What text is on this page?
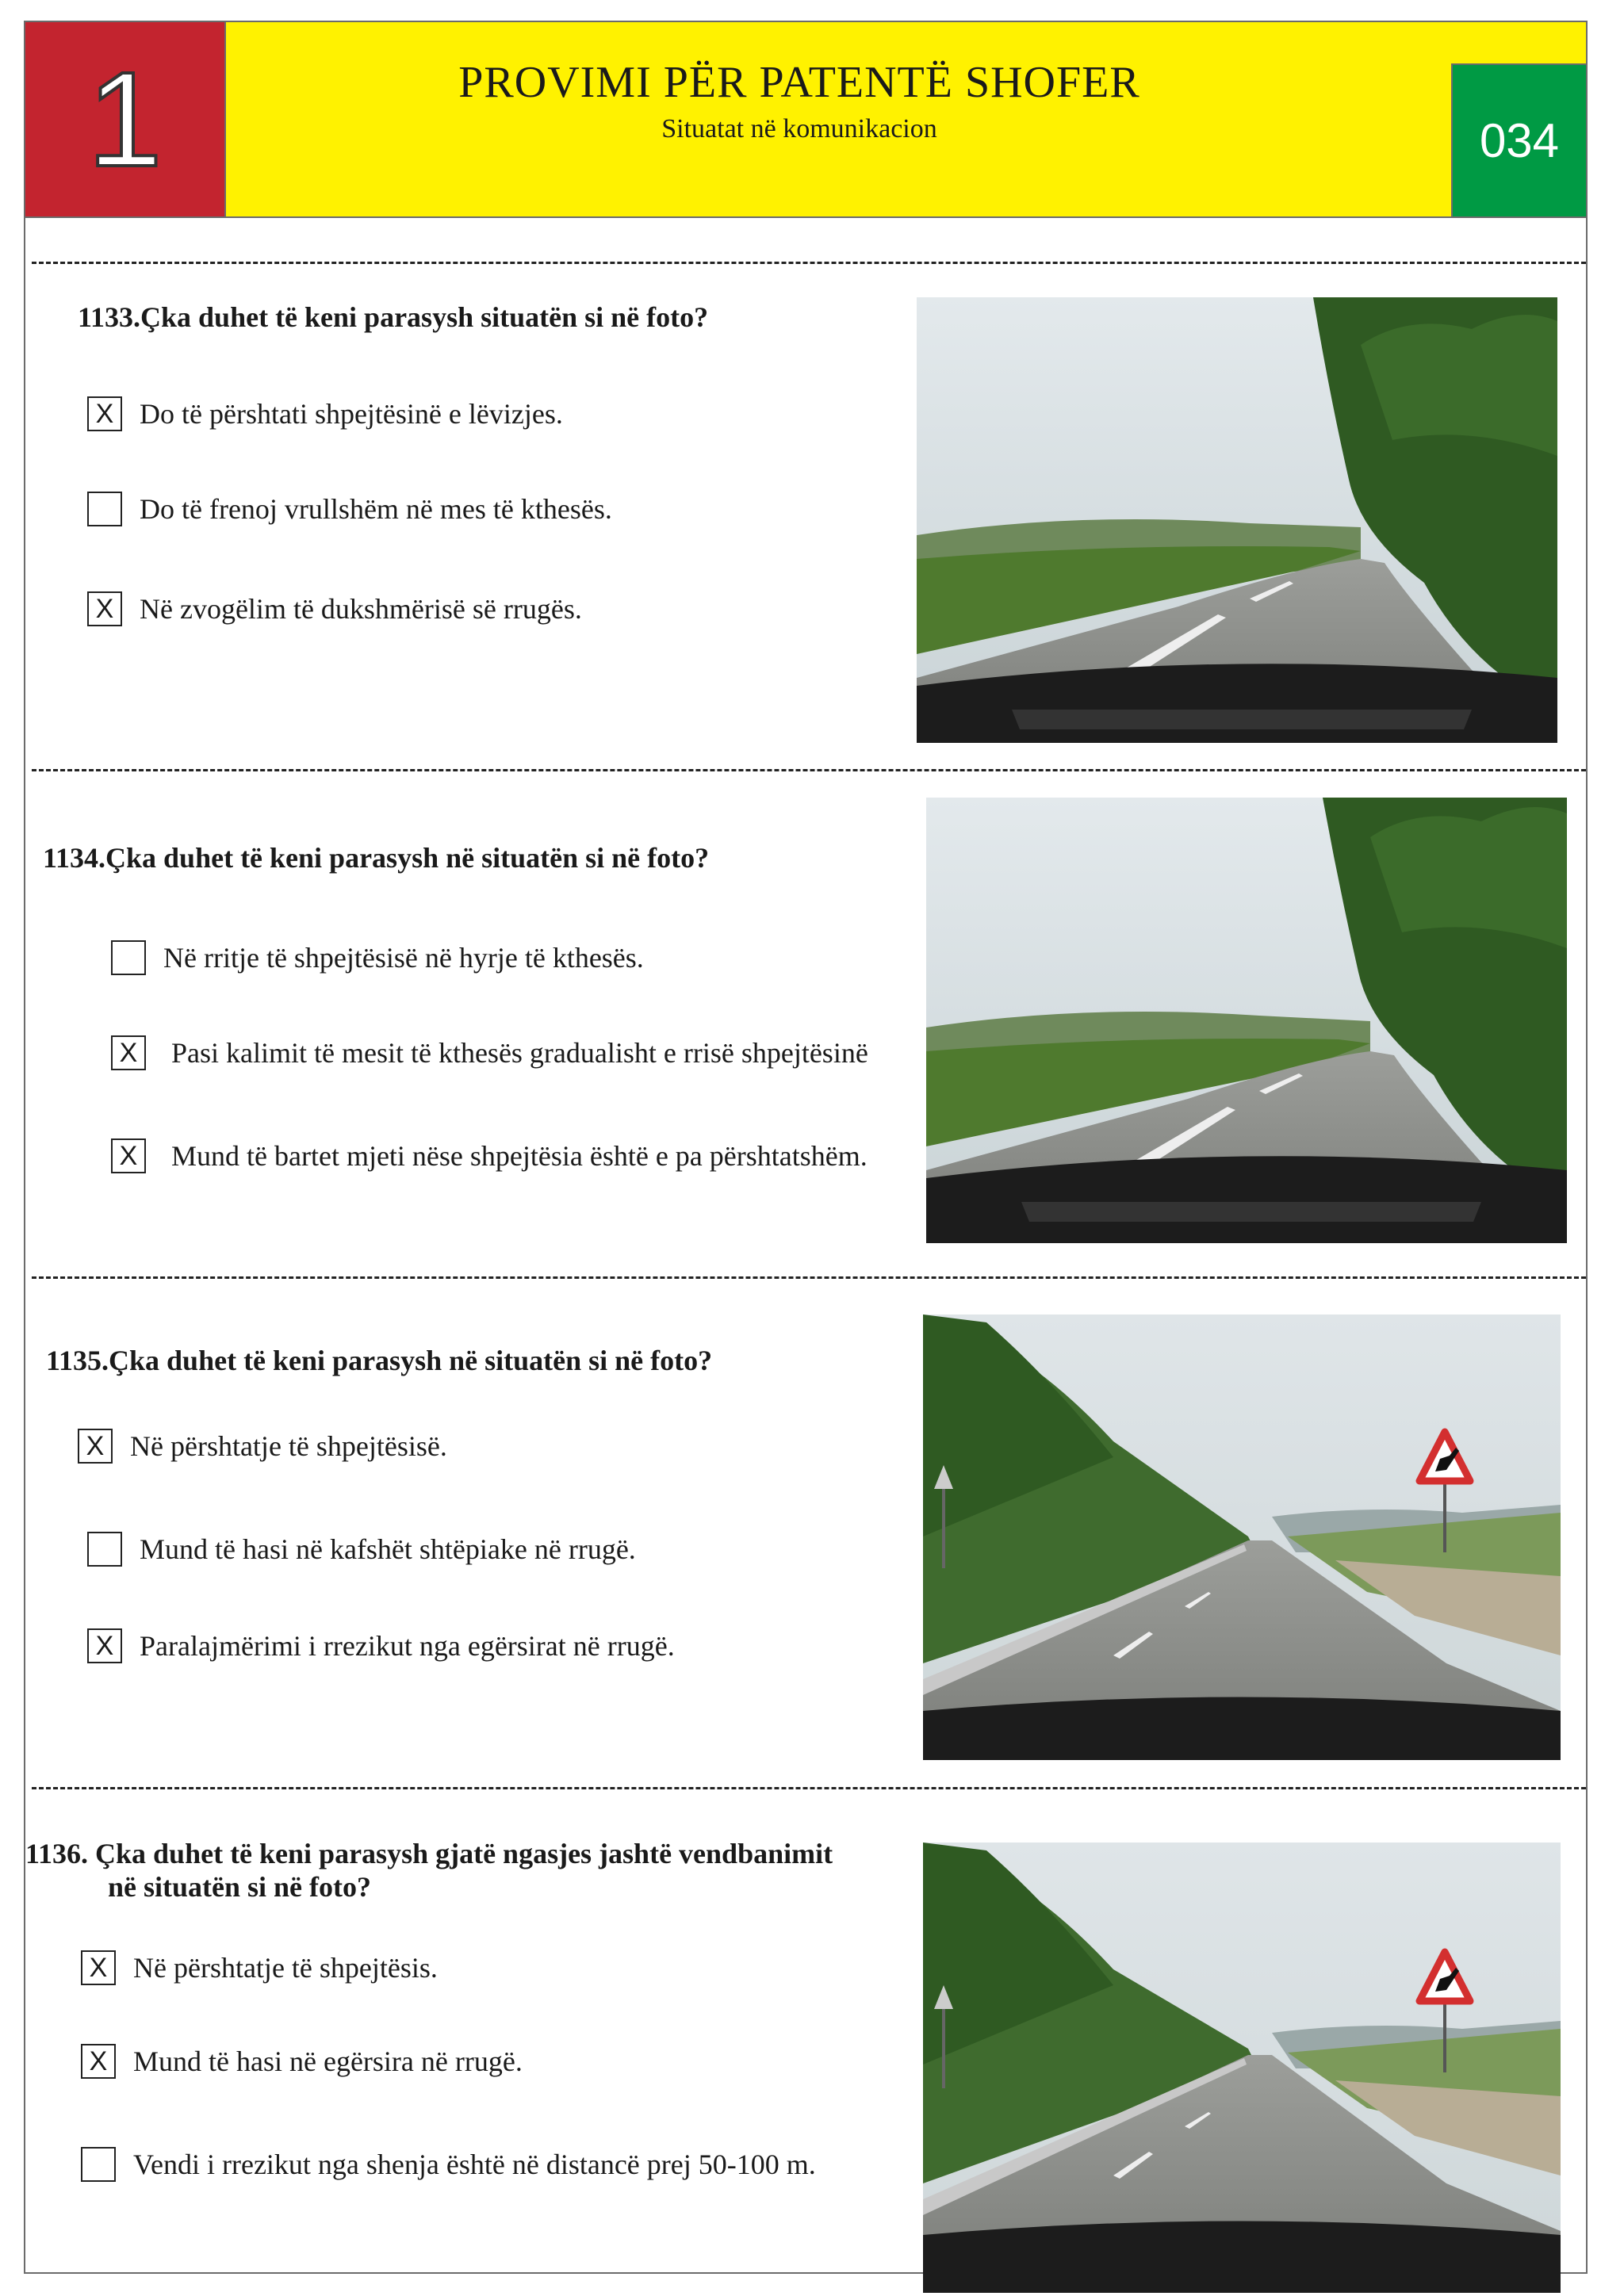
1	PROVIMI PËR PATENTË SHOFER
Situatat në komunikacion	034
1133.Çka duhet të keni parasysh situatën si në foto?
X Do të përshtati shpejtësinë e lëvizjes.
Do të frenoj vrullshëm në mes të kthesës.
X Në zvogëlim të dukshmërisë së rrugës.
1134.Çka duhet të keni parasysh në situatën si në foto?
Në rritje të shpejtësisë në hyrje të kthesës.
X Pasi kalimit të mesit të kthesës gradualisht e rrisë shpejtësinë
X Mund të bartet mjeti nëse shpejtësia është e pa përshtatshëm.
1135.Çka duhet të keni parasysh në situatën si në foto?
X Në përshtatje të shpejtësisë.
Mund të hasi në kafshët shtëpiake në rrugë.
X Paralajmërimi i rrezikut nga egërsirat në rrugë.
1136. Çka duhet të keni parasysh gjatë ngasjes jashtë vendbanimit
në situatën si në foto?
X Në përshtatje të shpejtësis.
X Mund të hasi në egërsira në rrugë.
Vendi i rrezikut nga shenja është në distancë prej 50-100 m.
